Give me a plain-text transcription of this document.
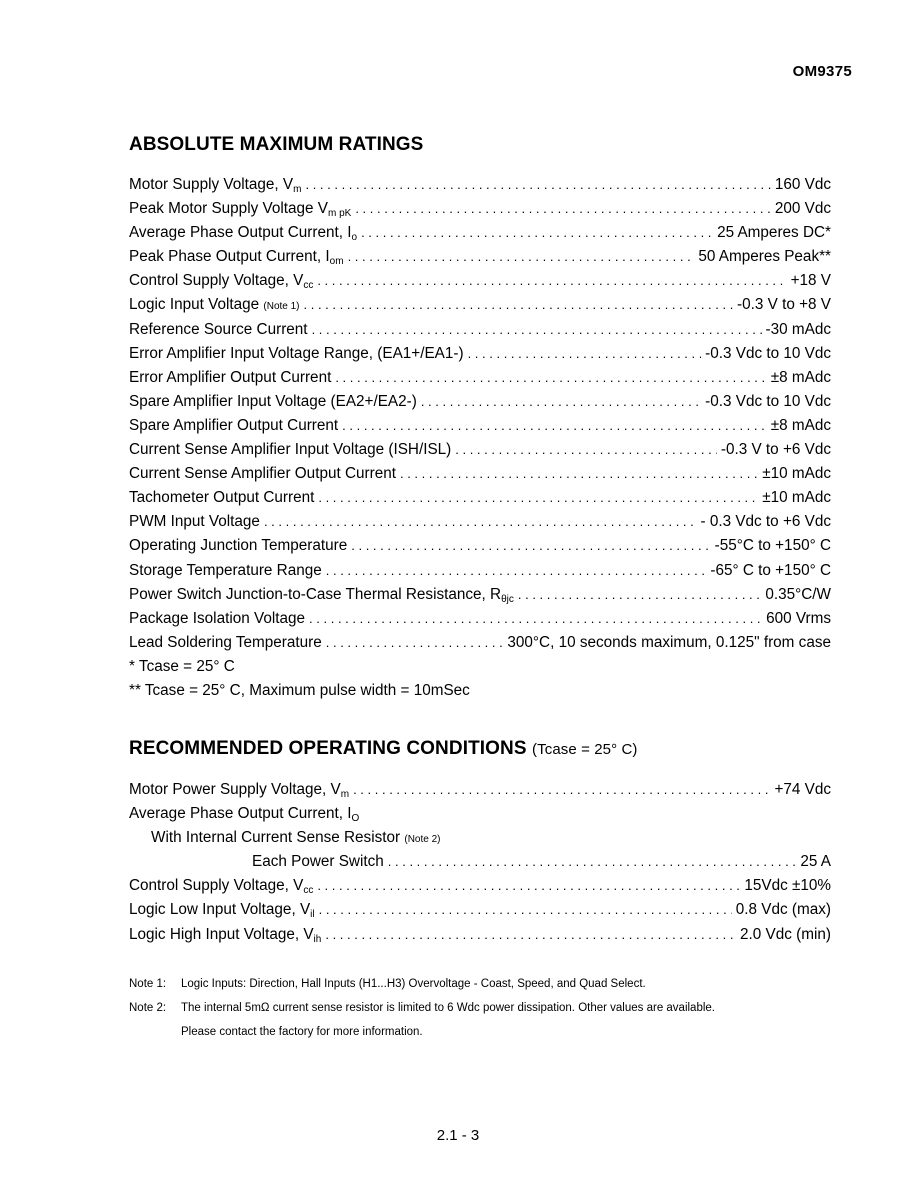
OM9375
ABSOLUTE MAXIMUM RATINGS
Motor Supply Voltage, $V_m$ . . .	160 Vdc
Peak Motor Supply Voltage $V_{m pK}$ . . .	200 Vdc
Average Phase Output Current, $I_o$ . . .	25 Amperes DC*
Peak Phase Output Current, $I_{om}$ . . .	50 Amperes Peak**
Control Supply Voltage, $V_{cc}$ . . .	+18 V
Logic Input Voltage (Note 1) . . .	-0.3 V to +8 V
Reference Source Current . . .	-30 mAdc
Error Amplifier Input Voltage Range, (EA1+/EA1-) . . .	-0.3 Vdc to 10 Vdc
Error Amplifier Output Current . . .	±8 mAdc
Spare Amplifier Input Voltage (EA2+/EA2-) . . .	-0.3 Vdc to 10 Vdc
Spare Amplifier Output Current . . .	±8 mAdc
Current Sense Amplifier Input Voltage (ISH/ISL) . . .	-0.3 V to +6 Vdc
Current Sense Amplifier Output Current . . .	±10 mAdc
Tachometer Output Current . . .	±10 mAdc
PWM Input Voltage . . .	- 0.3 Vdc to +6 Vdc
Operating Junction Temperature . . .	-55°C to +150° C
Storage Temperature Range . . .	-65° C to +150° C
Power Switch Junction-to-Case Thermal Resistance, $R_{\theta jc}$ . . .	0.35°C/W
Package Isolation Voltage . . .	600 Vrms
Lead Soldering Temperature . . .	300°C, 10 seconds maximum, 0.125" from case
* Tcase = 25° C
** Tcase = 25° C, Maximum pulse width = 10mSec
RECOMMENDED OPERATING CONDITIONS (Tcase = 25° C)
Motor Power Supply Voltage, $V_m$ . . .	+74 Vdc
Average Phase Output Current, $I_O$
With Internal Current Sense Resistor (Note 2)
Each Power Switch . . .	25 A
Control Supply Voltage, $V_{cc}$ . . .	15Vdc ±10%
Logic Low Input Voltage, $V_{il}$ . . .	0.8 Vdc (max)
Logic High Input Voltage, $V_{ih}$ . . .	2.0 Vdc (min)
Note 1:	Logic Inputs: Direction, Hall Inputs (H1...H3) Overvoltage - Coast, Speed, and Quad Select.
Note 2:	The internal 5mΩ current sense resistor is limited to 6 Wdc power dissipation. Other values are available.
Please contact the factory for more information.
2.1 - 3
